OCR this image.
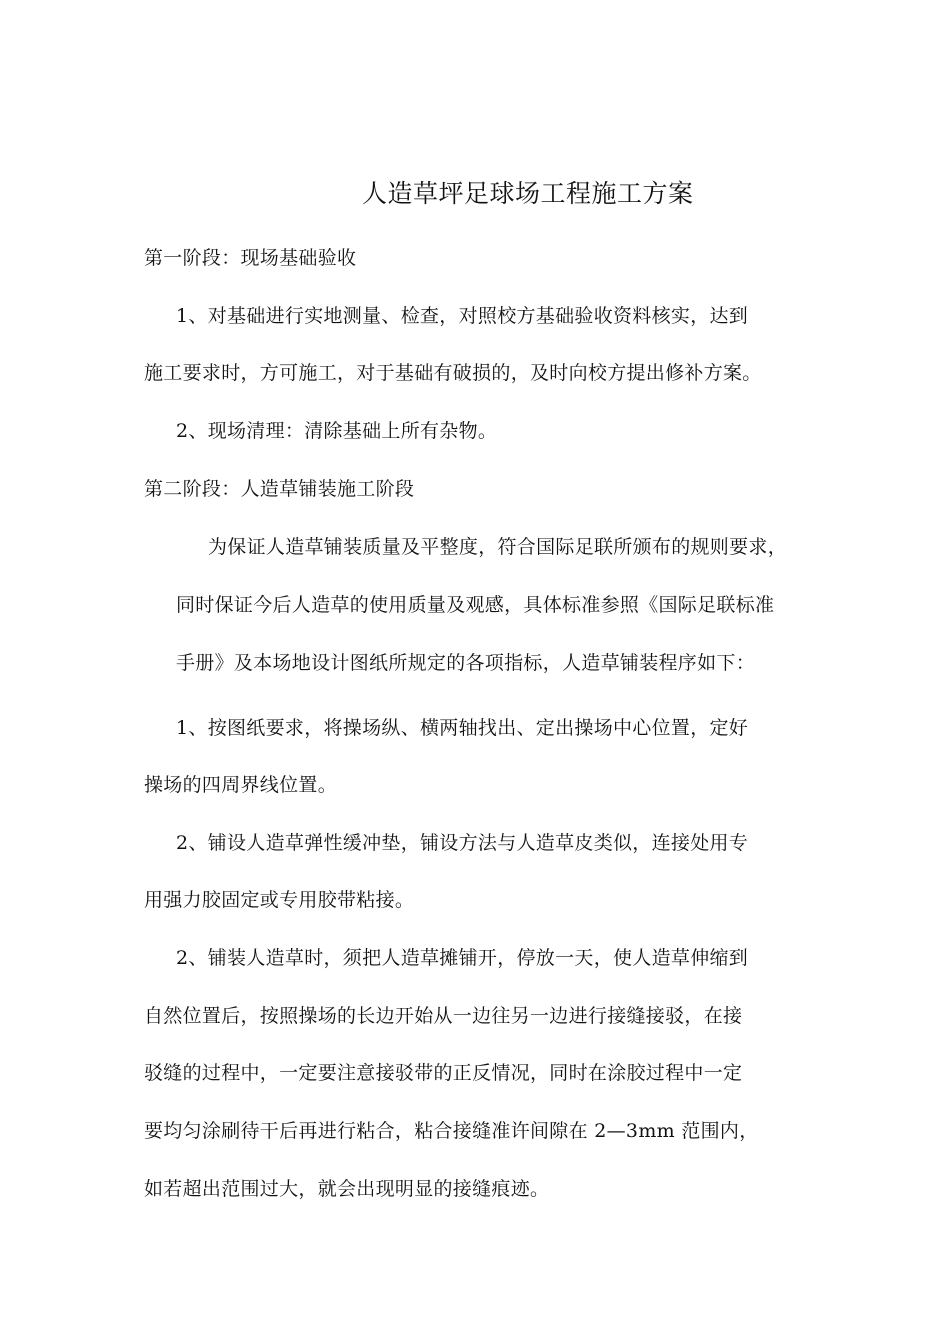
人造草坪足球场工程施工方案
第一阶段：现场基础验收
1、对基础进行实地测量、检查，对照校方基础验收资料核实，达到
施工要求时，方可施工，对于基础有破损的，及时向校方提出修补方案。
2、现场清理：清除基础上所有杂物。
第二阶段：人造草铺装施工阶段
为保证人造草铺装质量及平整度，符合国际足联所颁布的规则要求，
同时保证今后人造草的使用质量及观感，具体标准参照《国际足联标准
手册》及本场地设计图纸所规定的各项指标，人造草铺装程序如下：
1、按图纸要求，将操场纵、横两轴找出、定出操场中心位置，定好
操场的四周界线位置。
2、铺设人造草弹性缓冲垫，铺设方法与人造草皮类似，连接处用专
用强力胶固定或专用胶带粘接。
2、铺装人造草时，须把人造草摊铺开，停放一天，使人造草伸缩到
自然位置后，按照操场的长边开始从一边往另一边进行接缝接驳，在接
驳缝的过程中，一定要注意接驳带的正反情况，同时在涂胶过程中一定
要均匀涂刷待干后再进行粘合，粘合接缝准许间隙在 2—3mm 范围内，
如若超出范围过大，就会出现明显的接缝痕迹。
